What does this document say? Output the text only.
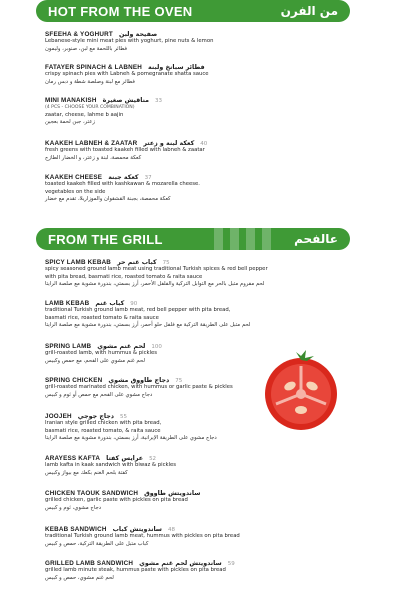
HOT FROM THE OVEN	من الفرن
SFEEHA & YOGHURT صفيحة ولبن
Lebanese-style mini meat pies with yoghurt, pine nuts & lemon
فطائر باللحمة مع لبن، صنوبر، وليمون
FATAYER SPINACH & LABNEH فطائر سبانخ ولبنة
crispy spinach pies with Labneh & pomegranate shatta sauce
فطائر مع لبنة وصلصة شطة و دبس رمان
MINI MANAKISH مناقيش صغيرة 33
(4 PCS - CHOOSE YOUR COMBINATION)
zaatar, cheese, lahme b aajin
زعتر، جبن لحمة بعجين
KAAKEH LABNEH & ZAATAR كعكة لبنة و زعتر 40
fresh greens with toasted kaakeh filled with labneh & zaatar
كعكة محمصة، لبنة و زعتر، و الخضار الطازج
KAAKEH CHEESE كعكة جبنة 37
toasted kaakeh filled with kashkawan & mozarella cheese.
vegetables on the side
كعكة محمصة، بجبنة القشقوان والموزاريلا، تقدم مع خضار
FROM THE GRILL	عالفحم
SPICY LAMB KEBAB كباب غنم حر 75
spicy seasoned ground lamb meat using traditional Turkish spices & red bell pepper
with pita bread, basmati rice, roasted tomato & raita sauce
لحم مفروم متبل بالحر مع التوابل التركية والفلفل الأحمر، أرز بسمتي، بندورة مشوية مع صلصة الرايتا
LAMB KEBAB كباب غنم 90
traditional Turkish ground lamb meat, red bell pepper with pita bread,
basmati rice, roasted tomato & raita sauce
لحم متبل على الطريقة التركية مع فلفل حلو أحمر، أرز بسمتي، بندورة مشوية مع صلصة الرايتا
SPRING LAMB لحم غنم مشوي 100
grill-roasted lamb, with hummus & pickles
لحم غنم مشوي على الفحم، مع حمص وكبيس
SPRING CHICKEN دجاج طاووق مشوي 75
grill-roasted marinated chicken, with hummus or garlic paste & pickles
دجاج مشوي على الفحم مع حمص أو ثوم و كبيس
JOOJEH دجاج جوجي 55
Iranian style grilled chicken with pita bread,
basmati rice, roasted tomato, & raita sauce
دجاج مشوي على الطريقة الإيرانية، أرز بسمتي، بندورة مشوية مع صلصة الرايتا
ARAYESS KAFTA عرايس كفتا 52
lamb kafta in kaak sandwich with biwaz & pickles
كفتة بلحم الغنم بكعك مع بيواز وكبيس
CHICKEN TAOUK SANDWICH ساندويتش طاووق
grilled chicken, garlic paste with pickles on pita bread
دجاج مشوي، ثوم و كبيس
KEBAB SANDWICH ساندويتش كباب 48
traditional Turkish ground lamb meat, hummus with pickles on pita bread
كباب متبل على الطريقة التركية، حمص و كبيس
GRILLED LAMB SANDWICH ساندويتش لحم غنم مشوي 59
grilled lamb minute steak, hummus paste with pickles on pita bread
لحم غنم مشوي، حمص و كبيس
